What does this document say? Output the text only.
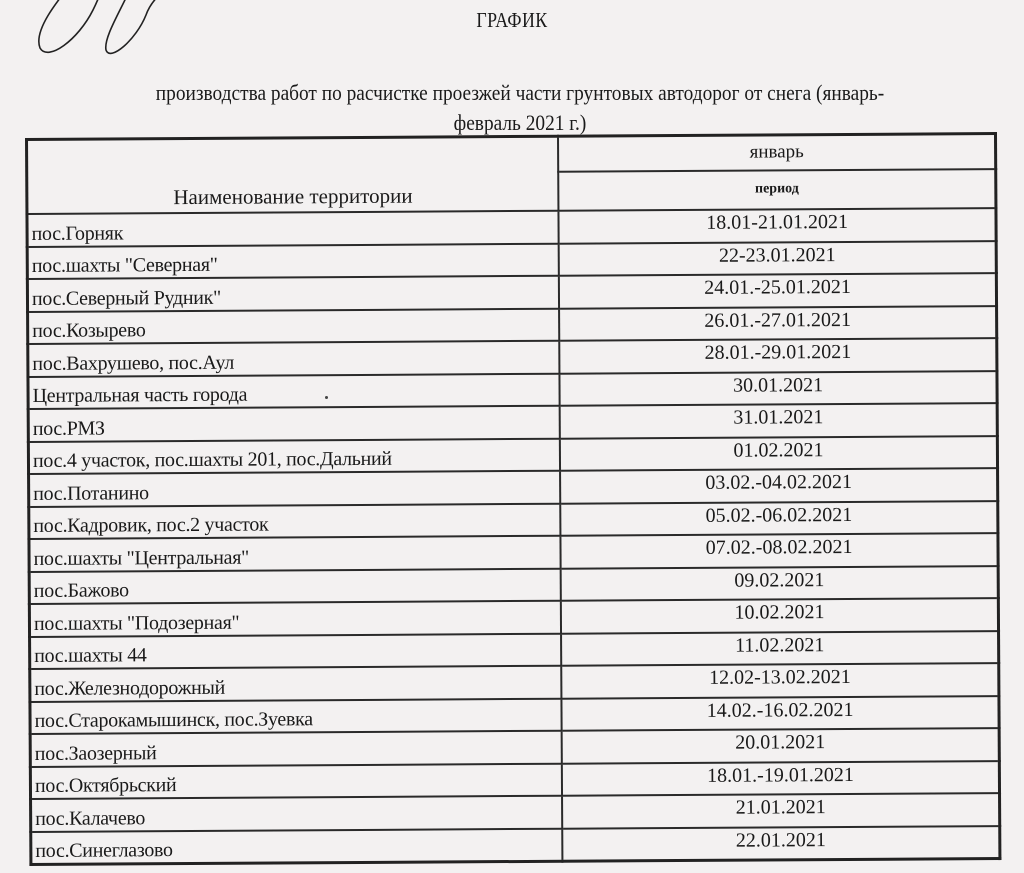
ГРАФИК
производства работ по расчистке проезжей части грунтовых автодорог от снега (январь-
февраль 2021 г.)
Наименование территории	январь
	период
пос.Горняк	18.01-21.01.2021
пос.шахты "Северная"	22-23.01.2021
пос.Северный Рудник"	24.01.-25.01.2021
пос.Козырево	26.01.-27.01.2021
пос.Вахрушево, пос.Аул	28.01.-29.01.2021
Центральная часть города	30.01.2021
пос.РМЗ	31.01.2021
пос.4 участок, пос.шахты 201, пос.Дальний	01.02.2021
пос.Потанино	03.02.-04.02.2021
пос.Кадровик, пос.2 участок	05.02.-06.02.2021
пос.шахты "Центральная"	07.02.-08.02.2021
пос.Бажово	09.02.2021
пос.шахты "Подозерная"	10.02.2021
пос.шахты 44	11.02.2021
пос.Железнодорожный	12.02-13.02.2021
пос.Старокамышинск, пос.Зуевка	14.02.-16.02.2021
пос.Заозерный	20.01.2021
пос.Октябрьский	18.01.-19.01.2021
пос.Калачево	21.01.2021
пос.Синеглазово	22.01.2021
